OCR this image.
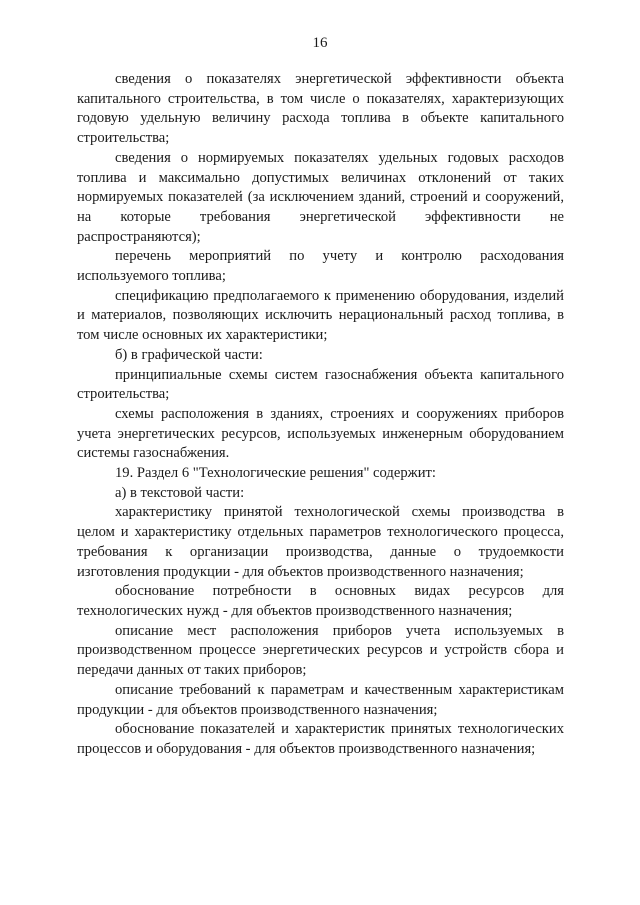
16

сведения о показателях энергетической эффективности объекта капитального строительства, в том числе о показателях, характеризующих годовую удельную величину расхода топлива в объекте капитального строительства;

сведения о нормируемых показателях удельных годовых расходов топлива и максимально допустимых величинах отклонений от таких нормируемых показателей (за исключением зданий, строений и сооружений, на которые требования энергетической эффективности не распространяются);

перечень мероприятий по учету и контролю расходования используемого топлива;

спецификацию предполагаемого к применению оборудования, изделий и материалов, позволяющих исключить нерациональный расход топлива, в том числе основных их характеристики;

б) в графической части:

принципиальные схемы систем газоснабжения объекта капитального строительства;

схемы расположения в зданиях, строениях и сооружениях приборов учета энергетических ресурсов, используемых инженерным оборудованием системы газоснабжения.

19. Раздел 6 "Технологические решения" содержит:

а) в текстовой части:

характеристику принятой технологической схемы производства в целом и характеристику отдельных параметров технологического процесса, требования к организации производства, данные о трудоемкости изготовления продукции - для объектов производственного назначения;

обоснование потребности в основных видах ресурсов для технологических нужд - для объектов производственного назначения;

описание мест расположения приборов учета используемых в производственном процессе энергетических ресурсов и устройств сбора и передачи данных от таких приборов;

описание требований к параметрам и качественным характеристикам продукции - для объектов производственного назначения;

обоснование показателей и характеристик принятых технологических процессов и оборудования - для объектов производственного назначения;
